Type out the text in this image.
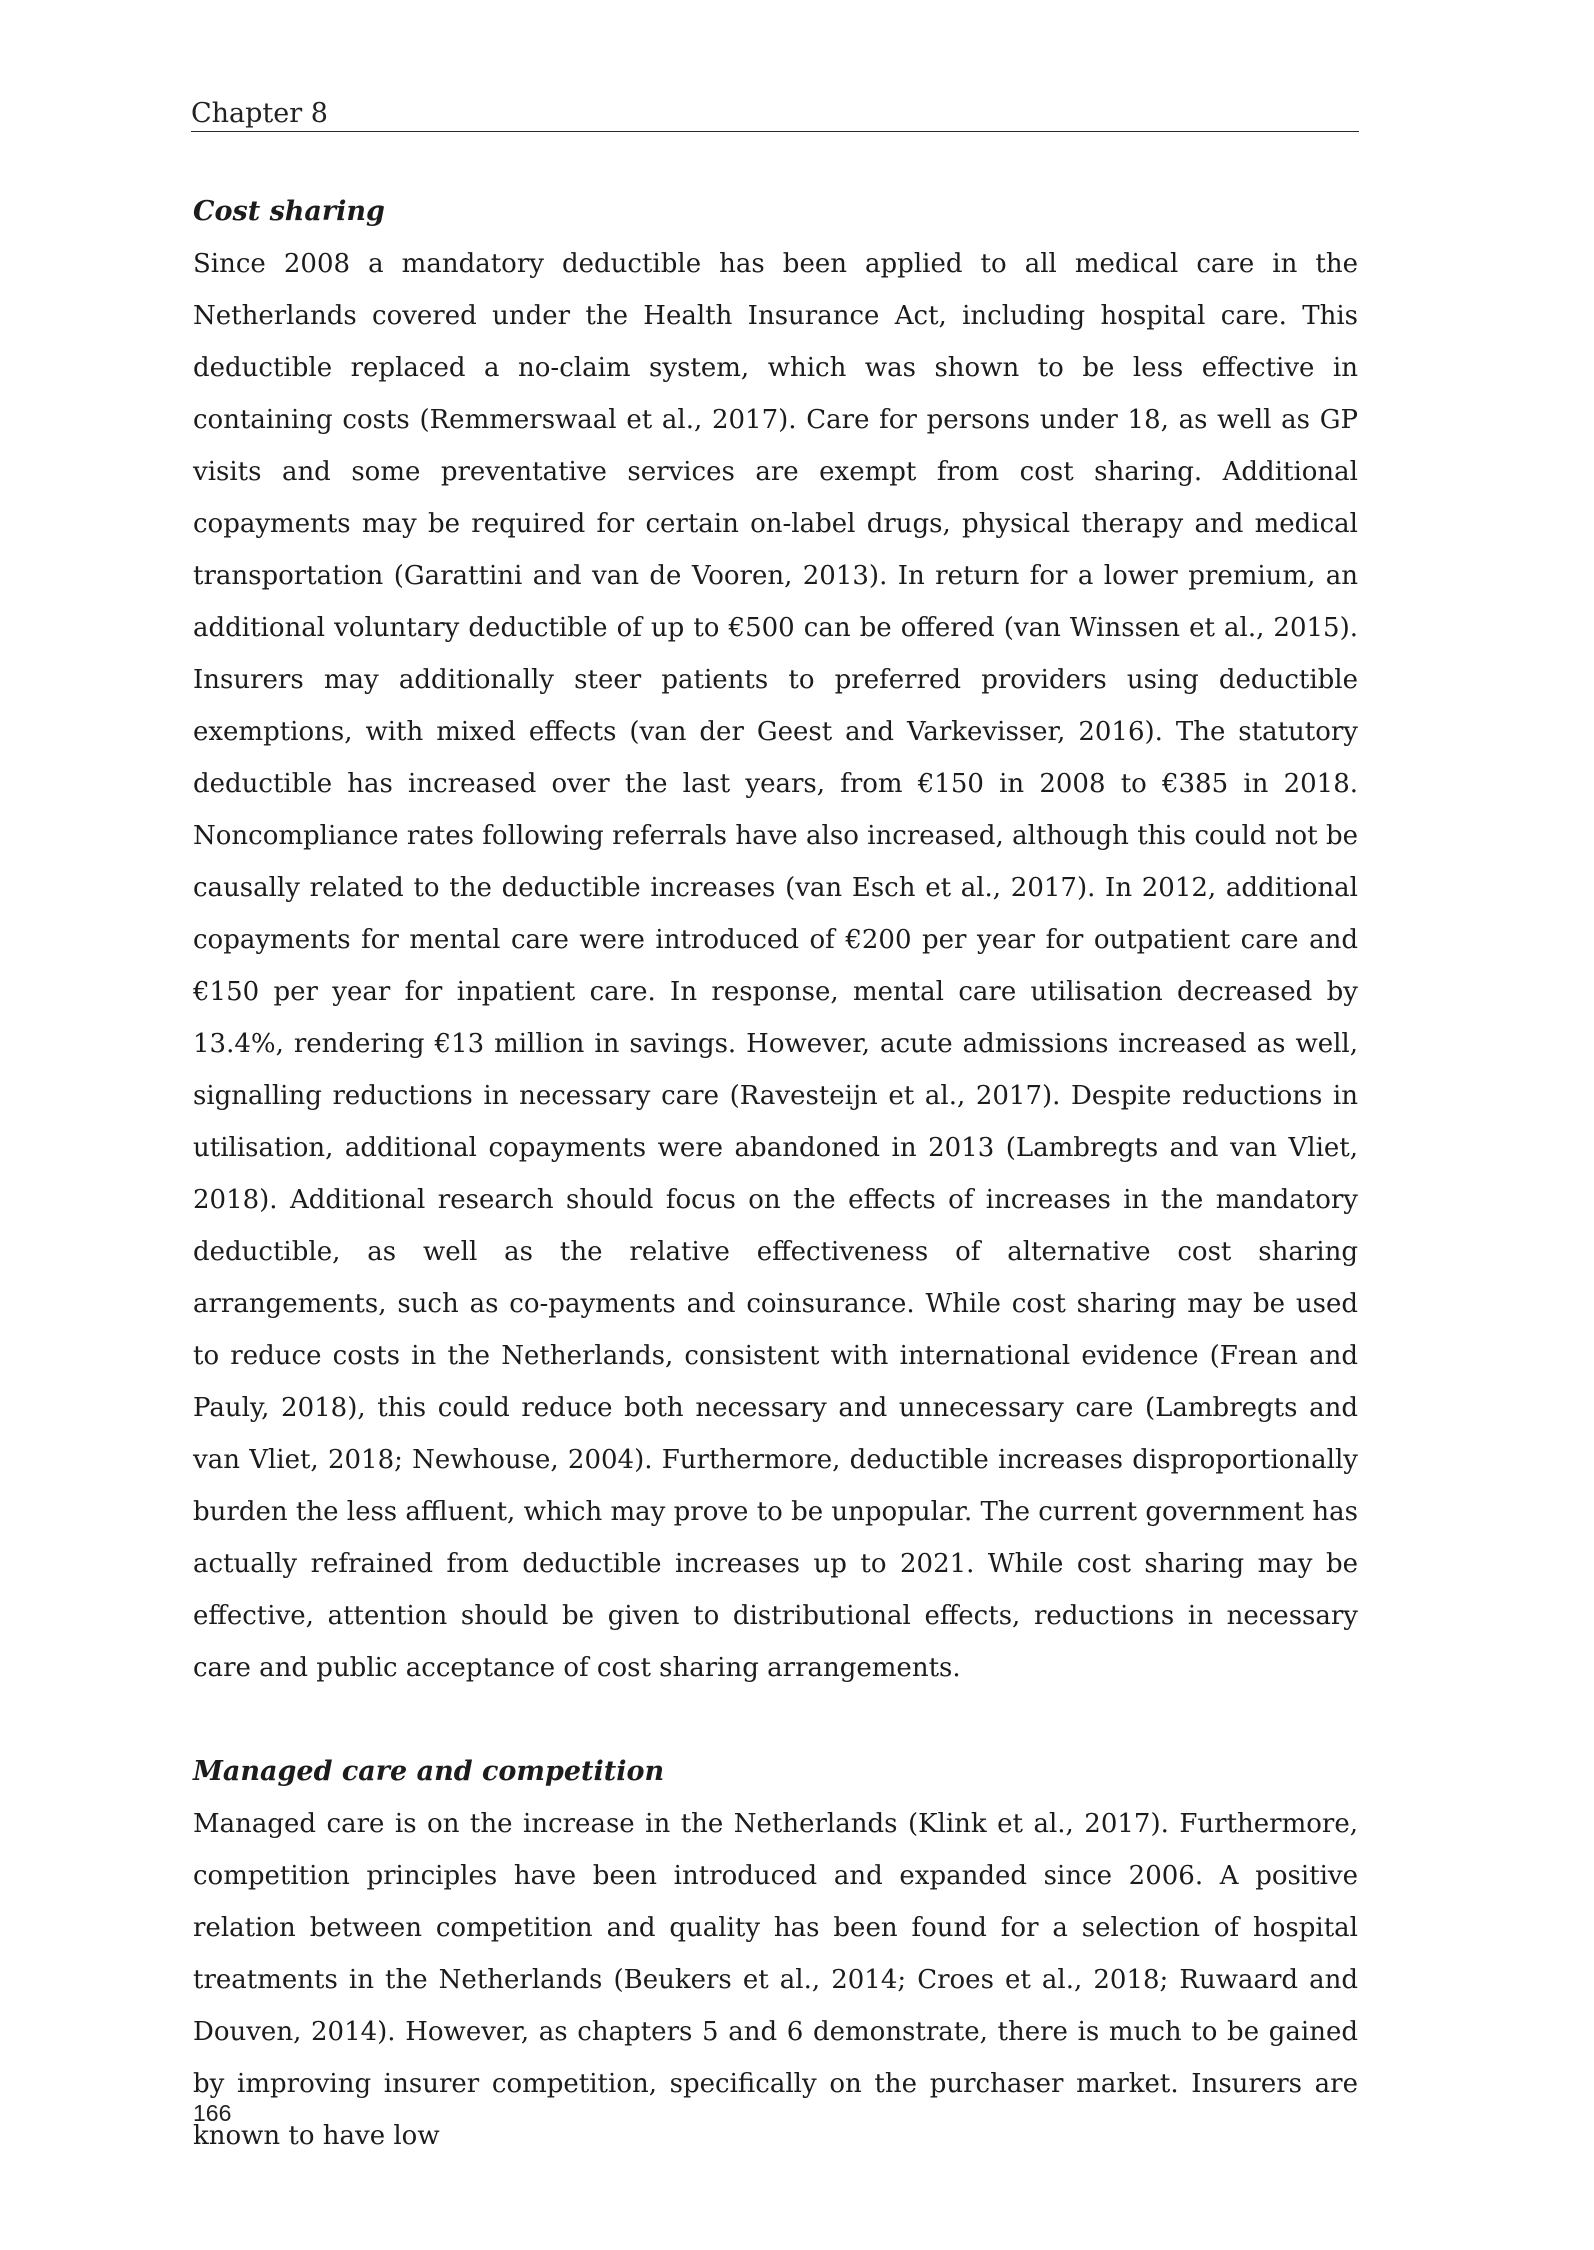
Chapter 8
Cost sharing

Since 2008 a mandatory deductible has been applied to all medical care in the Netherlands covered under the Health Insurance Act, including hospital care. This deductible replaced a no-claim system, which was shown to be less effective in containing costs (Remmerswaal et al., 2017). Care for persons under 18, as well as GP visits and some preventative services are exempt from cost sharing. Additional copayments may be required for certain on-label drugs, physical therapy and medical transportation (Garattini and van de Vooren, 2013). In return for a lower premium, an additional voluntary deductible of up to €500 can be offered (van Winssen et al., 2015). Insurers may additionally steer patients to preferred providers using deductible exemptions, with mixed effects (van der Geest and Varkevisser, 2016). The statutory deductible has increased over the last years, from €150 in 2008 to €385 in 2018. Noncompliance rates following referrals have also increased, although this could not be causally related to the deductible increases (van Esch et al., 2017). In 2012, additional copayments for mental care were introduced of €200 per year for outpatient care and €150 per year for inpatient care. In response, mental care utilisation decreased by 13.4%, rendering €13 million in savings. However, acute admissions increased as well, signalling reductions in necessary care (Ravesteijn et al., 2017). Despite reductions in utilisation, additional copayments were abandoned in 2013 (Lambregts and van Vliet, 2018). Additional research should focus on the effects of increases in the mandatory deductible, as well as the relative effectiveness of alternative cost sharing arrangements, such as co-payments and coinsurance. While cost sharing may be used to reduce costs in the Netherlands, consistent with international evidence (Frean and Pauly, 2018), this could reduce both necessary and unnecessary care (Lambregts and van Vliet, 2018; Newhouse, 2004). Furthermore, deductible increases disproportionally burden the less affluent, which may prove to be unpopular. The current government has actually refrained from deductible increases up to 2021. While cost sharing may be effective, attention should be given to distributional effects, reductions in necessary care and public acceptance of cost sharing arrangements.

Managed care and competition

Managed care is on the increase in the Netherlands (Klink et al., 2017). Furthermore, competition principles have been introduced and expanded since 2006. A positive relation between competition and quality has been found for a selection of hospital treatments in the Netherlands (Beukers et al., 2014; Croes et al., 2018; Ruwaard and Douven, 2014). However, as chapters 5 and 6 demonstrate, there is much to be gained by improving insurer competition, specifically on the purchaser market. Insurers are known to have low

166
